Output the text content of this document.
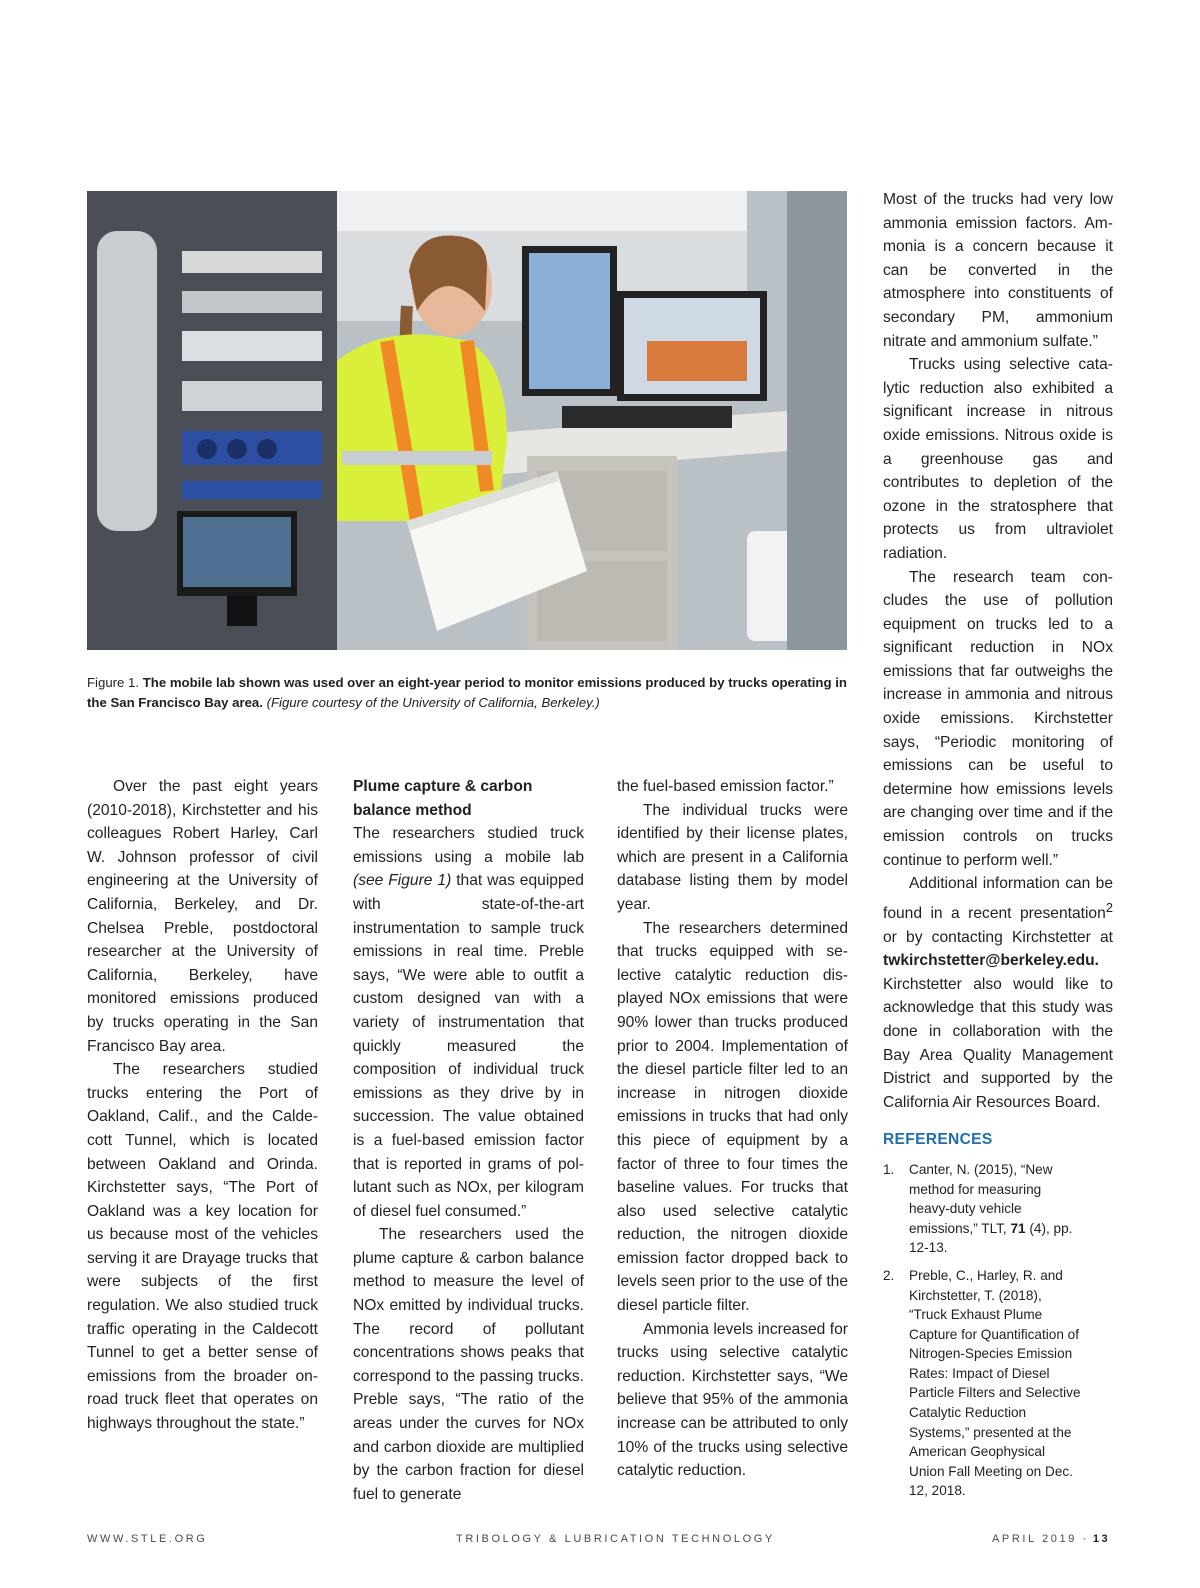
Figure 1. The mobile lab shown was used over an eight-year period to monitor emissions produced by trucks operating in the San Francisco Bay area. (Figure courtesy of the University of California, Berkeley.)

Over the past eight years (2010-2018), Kirchstetter and his colleagues Robert Harley, Carl W. Johnson professor of civil engineering at the University of California, Berkeley, and Dr. Chelsea Preble, postdoctoral researcher at the University of California, Berkeley, have monitored emissions produced by trucks operating in the San Francisco Bay area.

The researchers studied trucks entering the Port of Oakland, Calif., and the Caldecott Tunnel, which is located between Oakland and Orinda. Kirchstetter says, “The Port of Oakland was a key location for us because most of the vehicles serving it are Drayage trucks that were subjects of the first regulation. We also studied truck traffic operating in the Caldecott Tunnel to get a better sense of emissions from the broader on-road truck fleet that operates on highways throughout the state.”

Plume capture & carbon balance method

The researchers studied truck emissions using a mobile lab (see Figure 1) that was equipped with state-of-the-art instrumentation to sample truck emissions in real time. Preble says, “We were able to outfit a custom designed van with a variety of instrumentation that quickly measured the composition of individual truck emissions as they drive by in succession. The value obtained is a fuel-based emission factor that is reported in grams of pollutant such as NOx, per kilogram of diesel fuel consumed.”

The researchers used the plume capture & carbon balance method to measure the level of NOx emitted by individual trucks. The record of pollutant concentrations shows peaks that correspond to the passing trucks. Preble says, “The ratio of the areas under the curves for NOx and carbon dioxide are multiplied by the carbon fraction for diesel fuel to generate

the fuel-based emission factor.”

The individual trucks were identified by their license plates, which are present in a California database listing them by model year.

The researchers determined that trucks equipped with selective catalytic reduction displayed NOx emissions that were 90% lower than trucks produced prior to 2004. Implementation of the diesel particle filter led to an increase in nitrogen dioxide emissions in trucks that had only this piece of equipment by a factor of three to four times the baseline values. For trucks that also used selective catalytic reduction, the nitrogen dioxide emission factor dropped back to levels seen prior to the use of the diesel particle filter.

Ammonia levels increased for trucks using selective catalytic reduction. Kirchstetter says, “We believe that 95% of the ammonia increase can be attributed to only 10% of the trucks using selective catalytic reduction.

Most of the trucks had very low ammonia emission factors. Ammonia is a concern because it can be converted in the atmosphere into constituents of secondary PM, ammonium nitrate and ammonium sulfate.”

Trucks using selective catalytic reduction also exhibited a significant increase in nitrous oxide emissions. Nitrous oxide is a greenhouse gas and contributes to depletion of the ozone in the stratosphere that protects us from ultraviolet radiation.

The research team concludes the use of pollution equipment on trucks led to a significant reduction in NOx emissions that far outweighs the increase in ammonia and nitrous oxide emissions. Kirchstetter says, “Periodic monitoring of emissions can be useful to determine how emissions levels are changing over time and if the emission controls on trucks continue to perform well.”

Additional information can be found in a recent presentation$^2$ or by contacting Kirchstetter at twkirchstetter@berkeley.edu. Kirchstetter also would like to acknowledge that this study was done in collaboration with the Bay Area Quality Management District and supported by the California Air Resources Board.

REFERENCES
1.	Canter, N. (2015), “New method for measuring heavy-duty vehicle emissions,” TLT, 71 (4), pp. 12-13.
2.	Preble, C., Harley, R. and Kirchstetter, T. (2018), “Truck Exhaust Plume Capture for Quantification of Nitrogen-Species Emission Rates: Impact of Diesel Particle Filters and Selective Catalytic Reduction Systems,” presented at the American Geophysical Union Fall Meeting on Dec. 12, 2018.
WWW.STLE.ORG	TRIBOLOGY & LUBRICATION TECHNOLOGY	APRIL 2019 · 13
